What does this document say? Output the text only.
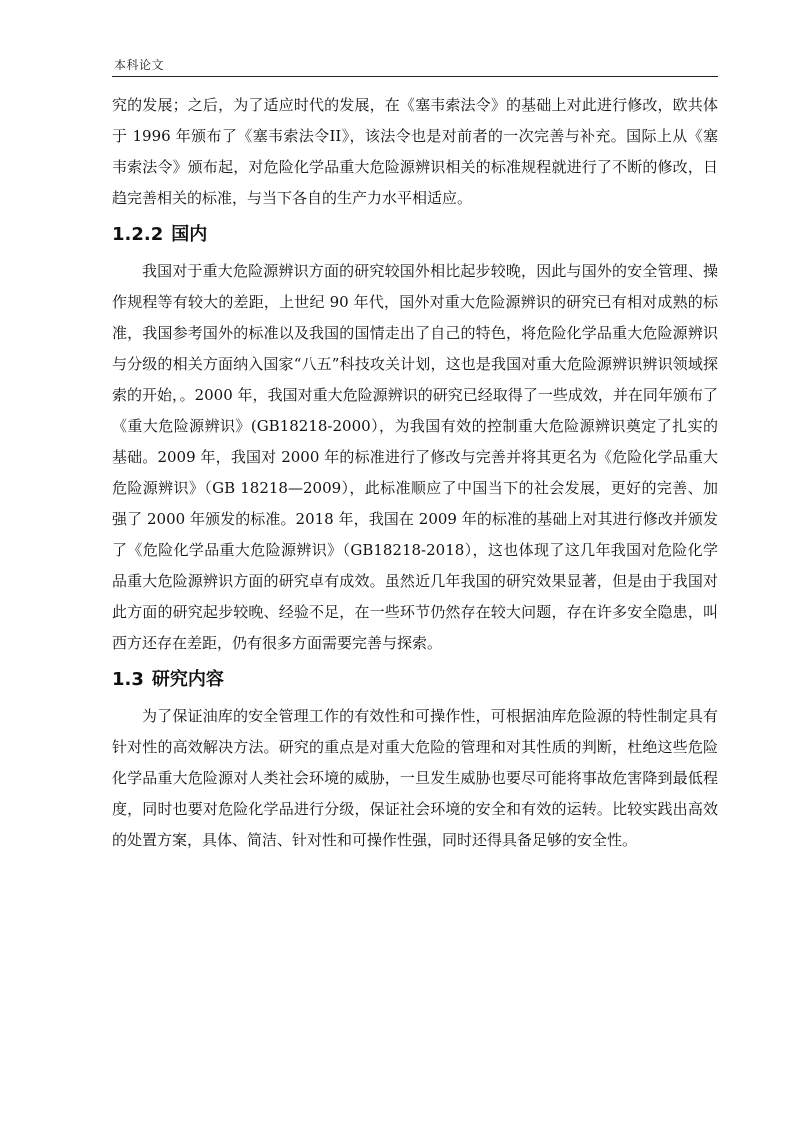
本科论文

究的发展；之后，为了适应时代的发展，在《塞韦索法令》的基础上对此进行修改，欧共体于 1996 年颁布了《塞韦索法令II》，该法令也是对前者的一次完善与补充。国际上从《塞韦索法令》颁布起，对危险化学品重大危险源辨识相关的标准规程就进行了不断的修改，日趋完善相关的标准，与当下各自的生产力水平相适应。

1.2.2 国内

我国对于重大危险源辨识方面的研究较国外相比起步较晚，因此与国外的安全管理、操作规程等有较大的差距，上世纪 90 年代，国外对重大危险源辨识的研究已有相对成熟的标准，我国参考国外的标准以及我国的国情走出了自己的特色，将危险化学品重大危险源辨识与分级的相关方面纳入国家“八五”科技攻关计划，这也是我国对重大危险源辨识辨识领域探索的开始，。2000 年，我国对重大危险源辨识的研究已经取得了一些成效，并在同年颁布了《重大危险源辨识》(GB18218-2000），为我国有效的控制重大危险源辨识奠定了扎实的基础。2009 年，我国对 2000 年的标准进行了修改与完善并将其更名为《危险化学品重大危险源辨识》（GB 18218—2009），此标准顺应了中国当下的社会发展，更好的完善、加强了 2000 年颁发的标准。2018 年，我国在 2009 年的标准的基础上对其进行修改并颁发了《危险化学品重大危险源辨识》（GB18218-2018），这也体现了这几年我国对危险化学品重大危险源辨识方面的研究卓有成效。虽然近几年我国的研究效果显著，但是由于我国对此方面的研究起步较晚、经验不足，在一些环节仍然存在较大问题，存在许多安全隐患，叫西方还存在差距，仍有很多方面需要完善与探索。

1.3 研究内容

为了保证油库的安全管理工作的有效性和可操作性，可根据油库危险源的特性制定具有针对性的高效解决方法。研究的重点是对重大危险的管理和对其性质的判断，杜绝这些危险化学品重大危险源对人类社会环境的威胁，一旦发生威胁也要尽可能将事故危害降到最低程度，同时也要对危险化学品进行分级，保证社会环境的安全和有效的运转。比较实践出高效的处置方案，具体、简洁、针对性和可操作性强，同时还得具备足够的安全性。
